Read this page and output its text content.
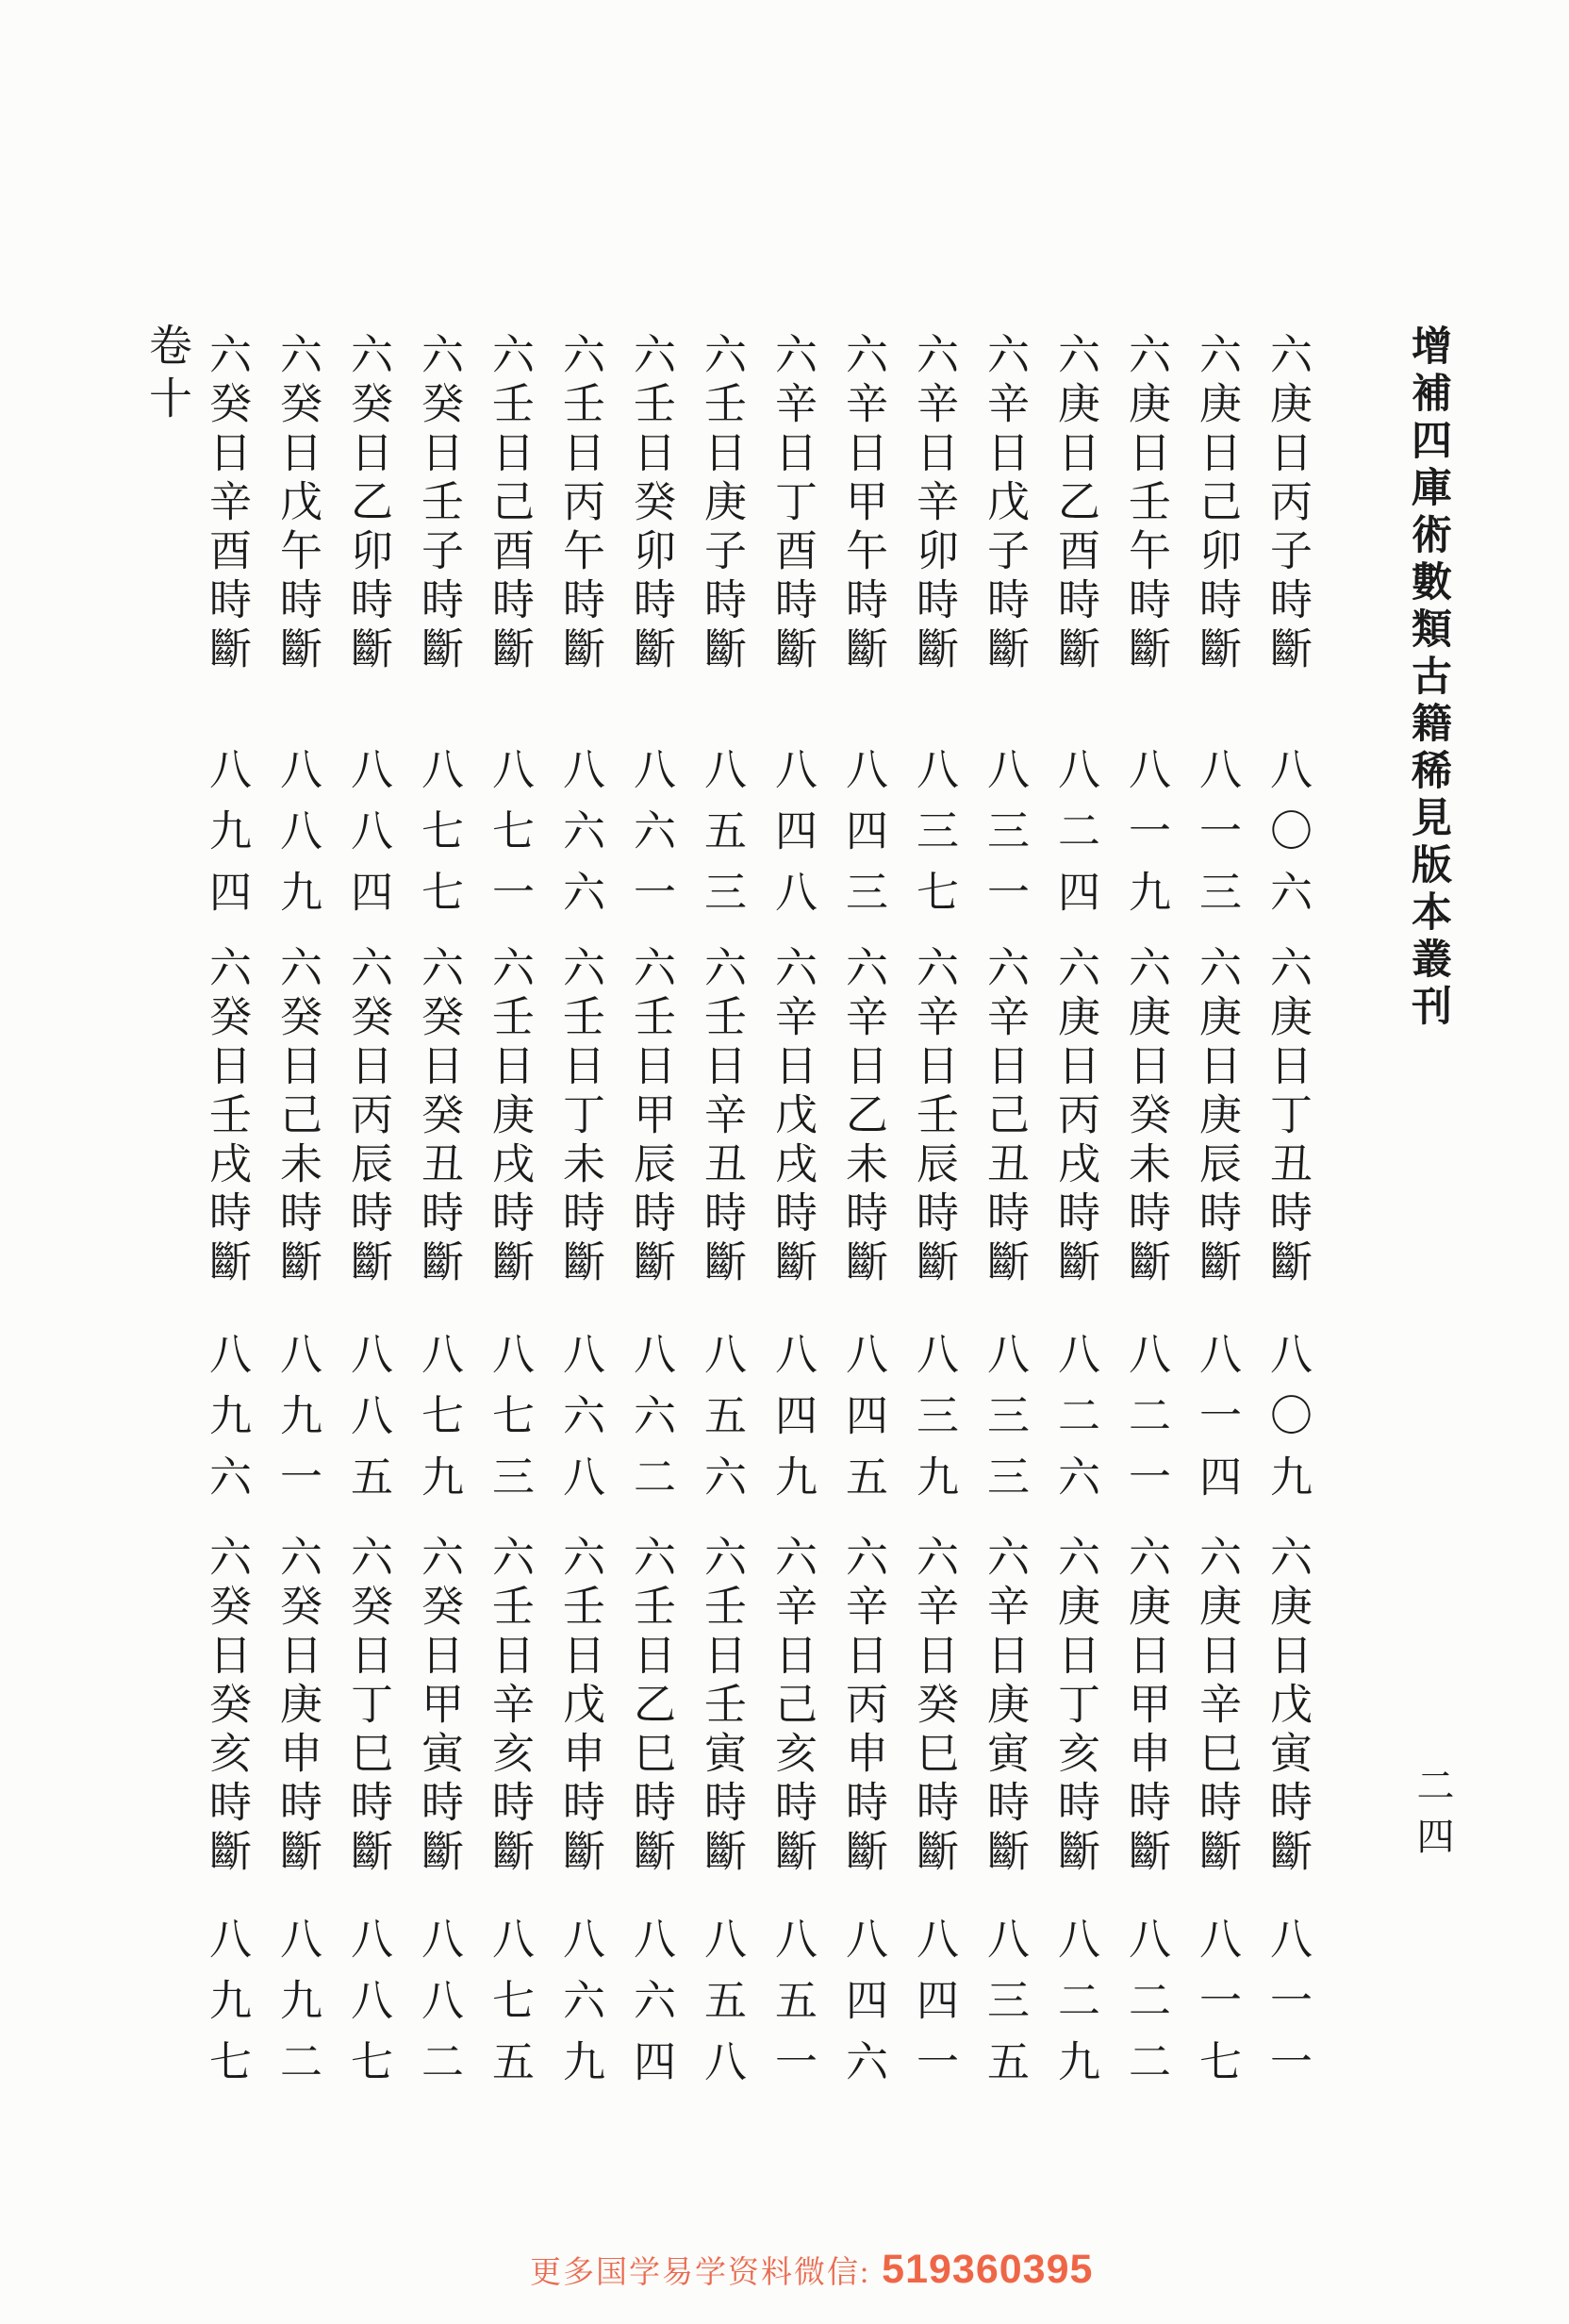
卷十	增補四庫術數類古籍稀見版本叢刊
六庚日丙子時斷
八〇六
六庚日丁丑時斷
八〇九
六庚日戊寅時斷
八一一
六庚日己卯時斷
八一三
六庚日庚辰時斷
八一四
六庚日辛巳時斷
八一七
六庚日壬午時斷
八一九
六庚日癸未時斷
八二一
六庚日甲申時斷
八二二
六庚日乙酉時斷
八二四
六庚日丙戌時斷
八二六
六庚日丁亥時斷
八二九
六辛日戊子時斷
八三一
六辛日己丑時斷
八三三
六辛日庚寅時斷
八三五
六辛日辛卯時斷
八三七
六辛日壬辰時斷
八三九
六辛日癸巳時斷
八四一
六辛日甲午時斷
八四三
六辛日乙未時斷
八四五
六辛日丙申時斷
八四六
六辛日丁酉時斷
八四八
六辛日戊戌時斷
八四九
六辛日己亥時斷
八五一
六壬日庚子時斷
八五三
六壬日辛丑時斷
八五六
六壬日壬寅時斷
八五八
六壬日癸卯時斷
八六一
六壬日甲辰時斷
八六二
六壬日乙巳時斷
八六四
六壬日丙午時斷
八六六
六壬日丁未時斷
八六八
六壬日戊申時斷
八六九
六壬日己酉時斷
八七一
六壬日庚戌時斷
八七三
六壬日辛亥時斷
八七五
六癸日壬子時斷
八七七
六癸日癸丑時斷
八七九
六癸日甲寅時斷
八八二
六癸日乙卯時斷
八八四
六癸日丙辰時斷
八八五
六癸日丁巳時斷
八八七
六癸日戊午時斷
八八九
六癸日己未時斷
八九一
六癸日庚申時斷
八九二
六癸日辛酉時斷
八九四
六癸日壬戌時斷
八九六
六癸日癸亥時斷
八九七
二四
更多国学易学资料微信: 519360395
